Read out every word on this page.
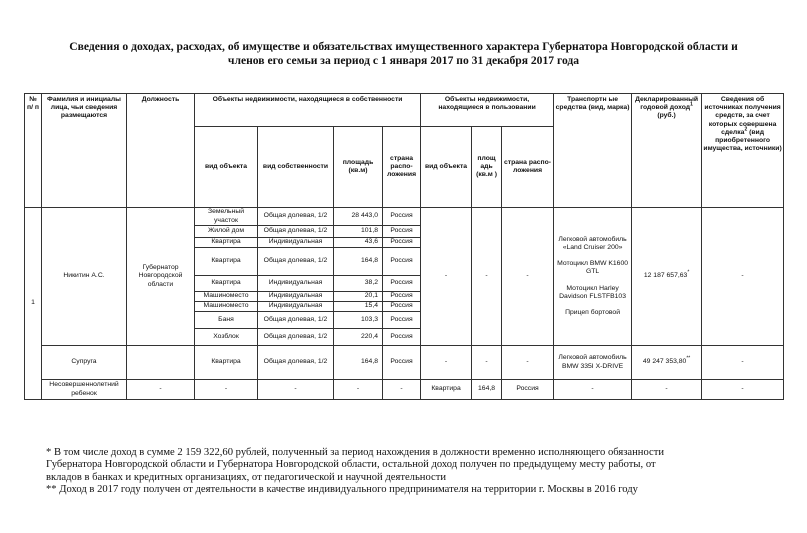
Сведения о доходах, расходах, об имуществе и обязательствах имущественного характера Губернатора Новгородской области и
членов его семьи за период с 1 января 2017 по 31 декабря 2017 года
№ п/ п	Фамилия и инициалы лица, чьи сведения размещаются	Должность	Объекты недвижимости, находящиеся в собственности				Объекты недвижимости, находящиеся в пользовании			Транспортн ые средства (вид, марка)	Декларированный годовой доход$^1$ (руб.)	Сведения об источниках получения средств, за счет которых совершена сделка$^2$ (вид приобретенного имущества, источники)
			вид объекта	вид собственности	площадь (кв.м)	страна распо- ложения	вид объекта	площ адь (кв.м )	страна распо- ложения			
1	Никитин А.С.	Губернатор Новгородской области	Земельный участок	Общая долевая, 1/2	28 443,0	Россия	-	-	-	Легковой автомобиль «Land Cruiser 200»
Мотоцикл BMW K1600 GTL
Мотоцикл Harley Davidson FLSTFB103
Прицеп бортовой	12 187 657,63*	-
			Жилой дом	Общая долевая, 1/2	101,8	Россия						
			Квартира	Индивидуальная	43,6	Россия						
			Квартира	Общая долевая, 1/2	164,8	Россия						
			Квартира	Индивидуальная	38,2	Россия						
			Машиноместо	Индивидуальная	20,1	Россия						
			Машиноместо	Индивидуальная	15,4	Россия						
			Баня	Общая долевая, 1/2	103,3	Россия						
			Хозблок	Общая долевая, 1/2	220,4	Россия						
	Супруга		Квартира	Общая долевая, 1/2	164,8	Россия	-	-	-	Легковой автомобиль BMW 335I X-DRIVE	49 247 353,80**	-
	Несовершеннолетний ребенок	-	-	-	-	-	Квартира	164,8	Россия	-	-	-

* В том числе доход в сумме 2 159 322,60 рублей, полученный за период нахождения в должности временно исполняющего обязанности

Губернатора Новгородской области и Губернатора Новгородской области, остальной доход получен по предыдущему месту работы, от

вкладов в банках и кредитных организациях, от педагогической и научной деятельности

** Доход в 2017 году получен от деятельности в качестве индивидуального предпринимателя на территории г. Москвы в 2016 году
